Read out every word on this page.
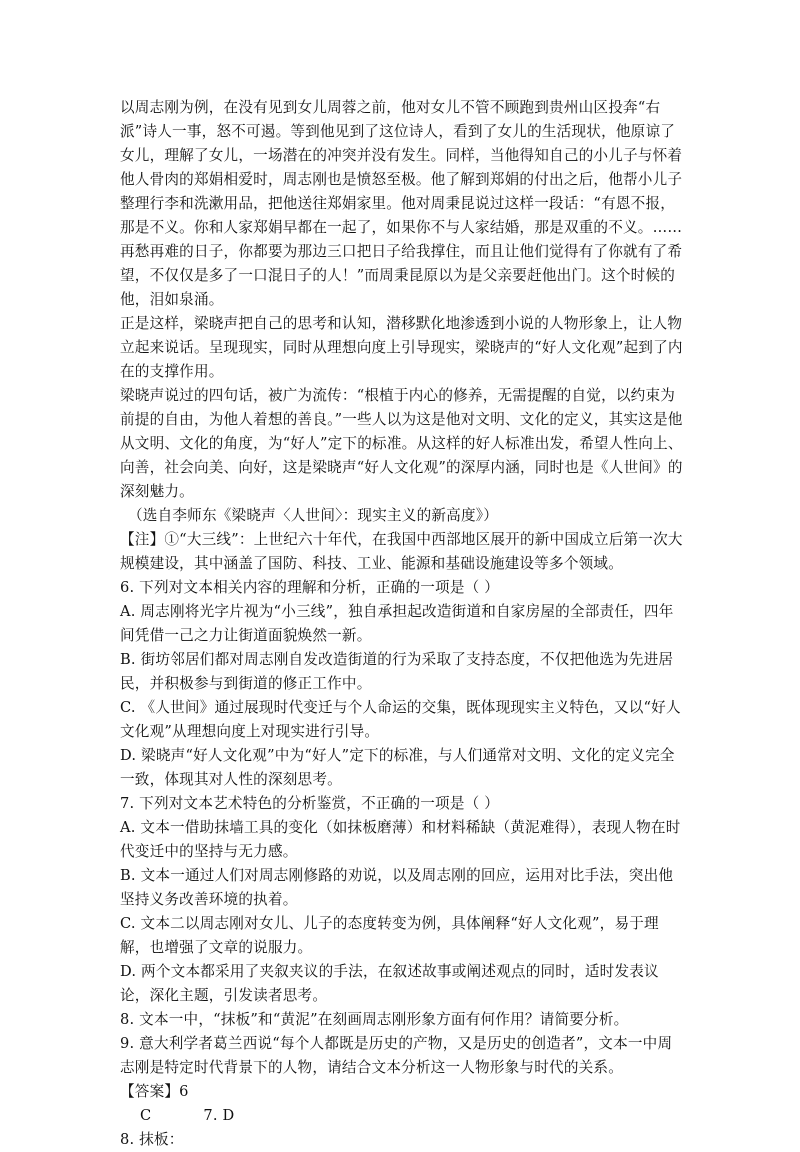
以周志刚为例，在没有见到女儿周蓉之前，他对女儿不管不顾跑到贵州山区投奔“右派”诗人一事，怒不可遏。等到他见到了这位诗人，看到了女儿的生活现状，他原谅了女儿，理解了女儿，一场潜在的冲突并没有发生。同样，当他得知自己的小儿子与怀着他人骨肉的郑娟相爱时，周志刚也是愤怒至极。他了解到郑娟的付出之后，他帮小儿子整理行李和洗漱用品，把他送往郑娟家里。他对周秉昆说过这样一段话：“有恩不报，那是不义。你和人家郑娟早都在一起了，如果你不与人家结婚，那是双重的不义。……再愁再难的日子，你都要为那边三口把日子给我撑住，而且让他们觉得有了你就有了希望，不仅仅是多了一口混日子的人！”而周秉昆原以为是父亲要赶他出门。这个时候的他，泪如泉涌。

正是这样，梁晓声把自己的思考和认知，潜移默化地渗透到小说的人物形象上，让人物立起来说话。呈现现实，同时从理想向度上引导现实，梁晓声的“好人文化观”起到了内在的支撑作用。

梁晓声说过的四句话，被广为流传：“根植于内心的修养，无需提醒的自觉，以约束为前提的自由，为他人着想的善良。”一些人以为这是他对文明、文化的定义，其实这是他从文明、文化的角度，为“好人”定下的标准。从这样的好人标准出发，希望人性向上、向善，社会向美、向好，这是梁晓声“好人文化观”的深厚内涵，同时也是《人世间》的深刻魅力。

（选自李师东《梁晓声〈人世间〉：现实主义的新高度》）

【注】①“大三线”：上世纪六十年代，在我国中西部地区展开的新中国成立后第一次大规模建设，其中涵盖了国防、科技、工业、能源和基础设施建设等多个领域。

6. 下列对文本相关内容的理解和分析，正确的一项是（ ）

A. 周志刚将光字片视为“小三线”，独自承担起改造街道和自家房屋的全部责任，四年间凭借一己之力让街道面貌焕然一新。

B. 街坊邻居们都对周志刚自发改造街道的行为采取了支持态度，不仅把他选为先进居民，并积极参与到街道的修正工作中。

C. 《人世间》通过展现时代变迁与个人命运的交集，既体现现实主义特色，又以“好人文化观”从理想向度上对现实进行引导。

D. 梁晓声“好人文化观”中为“好人”定下的标准，与人们通常对文明、文化的定义完全一致，体现其对人性的深刻思考。

7. 下列对文本艺术特色的分析鉴赏，不正确的一项是（ ）

A. 文本一借助抹墙工具的变化（如抹板磨薄）和材料稀缺（黄泥难得），表现人物在时代变迁中的坚持与无力感。

B. 文本一通过人们对周志刚修路的劝说，以及周志刚的回应，运用对比手法，突出他坚持义务改善环境的执着。

C. 文本二以周志刚对女儿、儿子的态度转变为例，具体阐释“好人文化观”，易于理解，也增强了文章的说服力。

D. 两个文本都采用了夹叙夹议的手法，在叙述故事或阐述观点的同时，适时发表议论，深化主题，引发读者思考。

8. 文本一中，“抹板”和“黄泥”在刻画周志刚形象方面有何作用？请简要分析。

9. 意大利学者葛兰西说“每个人都既是历史的产物，又是历史的创造者”，文本一中周志刚是特定时代背景下的人物，请结合文本分析这一人物形象与时代的关系。

【答案】6

C	7. D

8. 抹板：
